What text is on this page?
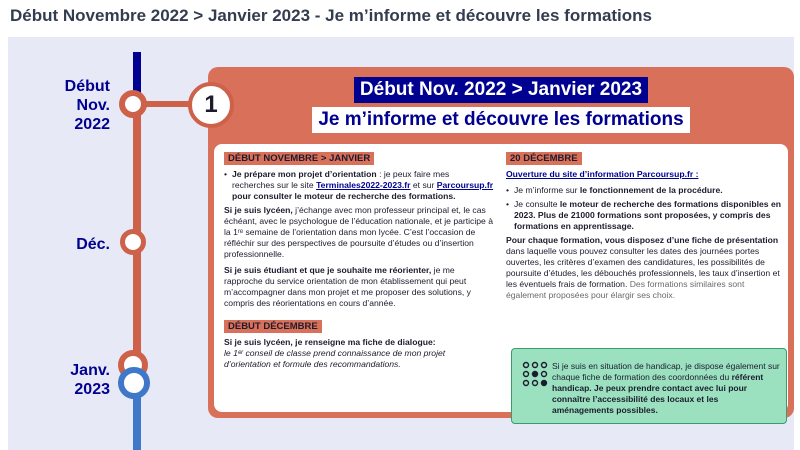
Début Novembre 2022 > Janvier 2023 - Je m’informe et découvre les formations
Début
Nov.
2022
Déc.
Janv.
2023
1
Début Nov. 2022 > Janvier 2023
Je m’informe et découvre les formations
DÉBUT NOVEMBRE > JANVIER
• Je prépare mon projet d’orientation : je peux faire mes recherches sur le site Terminales2022-2023.fr et sur Parcoursup.fr pour consulter le moteur de recherche des formations.
Si je suis lycéen, j’échange avec mon professeur principal et, le cas échéant, avec le psychologue de l’éducation nationale, et je participe à la 1ʳᵉ semaine de l’orientation dans mon lycée. C’est l’occasion de réfléchir sur des perspectives de poursuite d’études ou d’insertion professionnelle.
Si je suis étudiant et que je souhaite me réorienter, je me rapproche du service orientation de mon établissement qui peut m’accompagner dans mon projet et me proposer des solutions, y compris des réorientations en cours d’année.
DÉBUT DÉCEMBRE
Si je suis lycéen, je renseigne ma fiche de dialogue:
le 1ᵉʳ conseil de classe prend connaissance de mon projet d’orientation et formule des recommandations.
20 DÉCEMBRE
Ouverture du site d’information Parcoursup.fr :
• Je m’informe sur le fonctionnement de la procédure.
• Je consulte le moteur de recherche des formations disponibles en 2023. Plus de 21000 formations sont proposées, y compris des formations en apprentissage.
Pour chaque formation, vous disposez d’une fiche de présentation dans laquelle vous pouvez consulter les dates des journées portes ouvertes, les critères d’examen des candidatures, les possibilités de poursuite d’études, les débouchés professionnels, les taux d’insertion et les éventuels frais de formation. Des formations similaires sont également proposées pour élargir ses choix.
Si je suis en situation de handicap, je dispose également sur chaque fiche de formation des coordonnées du référent handicap. Je peux prendre contact avec lui pour connaître l’accessibilité des locaux et les aménagements possibles.
